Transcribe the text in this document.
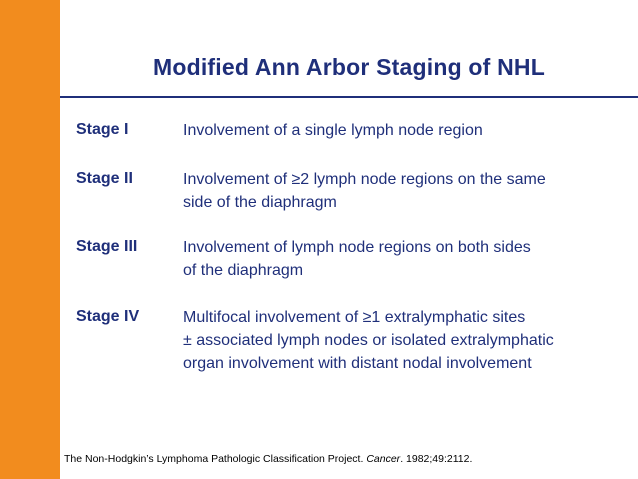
Modified Ann Arbor Staging of NHL
Stage I	Involvement of a single lymph node region
Stage II	Involvement of ≥2 lymph node regions on the same
side of the diaphragm
Stage III	Involvement of lymph node regions on both sides
of the diaphragm
Stage IV	Multifocal involvement of ≥1 extralymphatic sites
± associated lymph nodes or isolated extralymphatic
organ involvement with distant nodal involvement
The Non-Hodgkin’s Lymphoma Pathologic Classification Project. Cancer. 1982;49:2112.
